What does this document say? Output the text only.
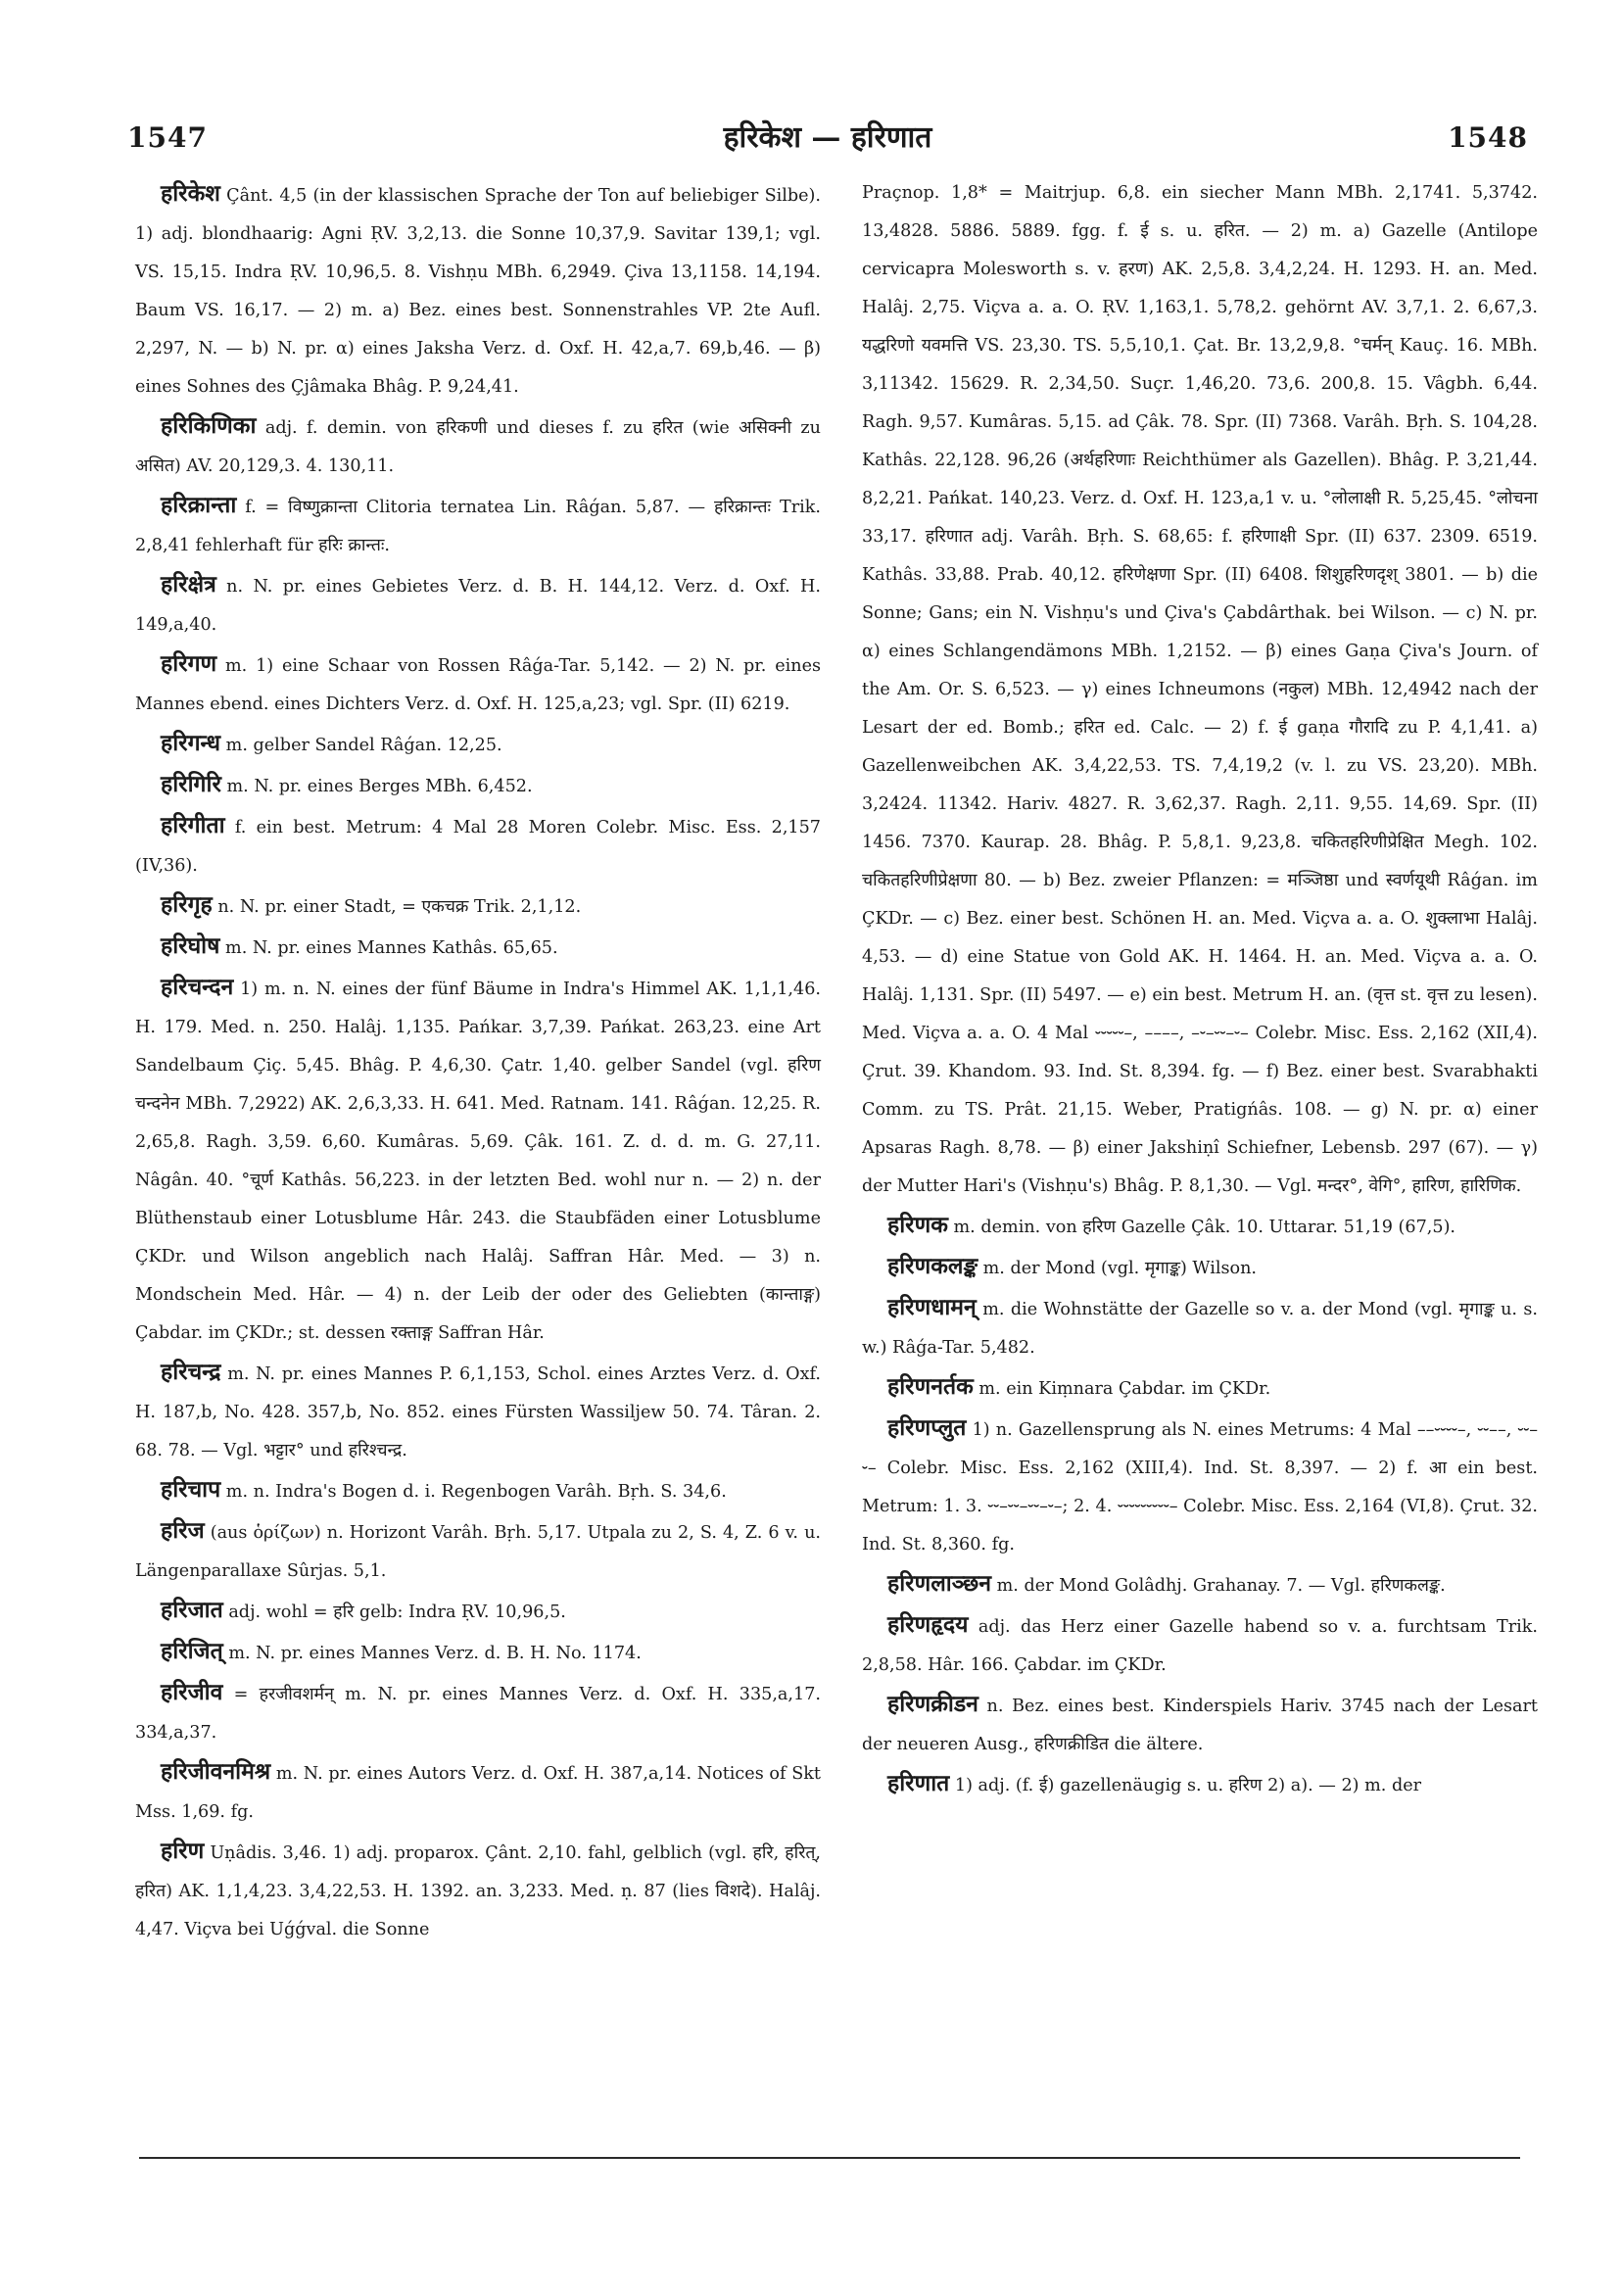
1547	हरिकेश — हरिणात	1548

हरिकेश Çânt. 4,5 (in der klassischen Sprache der Ton auf beliebiger Silbe). 1) adj. blondhaarig: Agni ṚV. 3,2,13. die Sonne 10,37,9. Savitar 139,1; vgl. VS. 15,15. Indra ṚV. 10,96,5. 8. Vishṇu MBh. 6,2949. Çiva 13,1158. 14,194. Baum VS. 16,17. — 2) m. a) Bez. eines best. Sonnenstrahles VP. 2te Aufl. 2,297, N. — b) N. pr. α) eines Jaksha Verz. d. Oxf. H. 42,a,7. 69,b,46. — β) eines Sohnes des Çjâmaka Bhâg. P. 9,24,41.

हरिकिणिका adj. f. demin. von हरिकणी und dieses f. zu हरित (wie असिक्नी zu असित) AV. 20,129,3. 4. 130,11.

हरिक्रान्ता f. = विष्णुक्रान्ता Clitoria ternatea Lin. Râǵan. 5,87. — हरिक्रान्तः Trik. 2,8,41 fehlerhaft für हरिः क्रान्तः.

हरिक्षेत्र n. N. pr. eines Gebietes Verz. d. B. H. 144,12. Verz. d. Oxf. H. 149,a,40.

हरिगण m. 1) eine Schaar von Rossen Râǵa-Tar. 5,142. — 2) N. pr. eines Mannes ebend. eines Dichters Verz. d. Oxf. H. 125,a,23; vgl. Spr. (II) 6219.

हरिगन्ध m. gelber Sandel Râǵan. 12,25.

हरिगिरि m. N. pr. eines Berges MBh. 6,452.

हरिगीता f. ein best. Metrum: 4 Mal 28 Moren Colebr. Misc. Ess. 2,157 (IV,36).

हरिगृह n. N. pr. einer Stadt, = एकचक्र Trik. 2,1,12.

हरिघोष m. N. pr. eines Mannes Kathâs. 65,65.

हरिचन्दन 1) m. n. N. eines der fünf Bäume in Indra's Himmel AK. 1,1,1,46. H. 179. Med. n. 250. Halâj. 1,135. Pańkar. 3,7,39. Pańkat. 263,23. eine Art Sandelbaum Çiç. 5,45. Bhâg. P. 4,6,30. Çatr. 1,40. gelber Sandel (vgl. हरिण चन्दनेन MBh. 7,2922) AK. 2,6,3,33. H. 641. Med. Ratnam. 141. Râǵan. 12,25. R. 2,65,8. Ragh. 3,59. 6,60. Kumâras. 5,69. Çâk. 161. Z. d. d. m. G. 27,11. Nâgân. 40. °चूर्ण Kathâs. 56,223. in der letzten Bed. wohl nur n. — 2) n. der Blüthenstaub einer Lotusblume Hâr. 243. die Staubfäden einer Lotusblume ÇKDr. und Wilson angeblich nach Halâj. Saffran Hâr. Med. — 3) n. Mondschein Med. Hâr. — 4) n. der Leib der oder des Geliebten (कान्ताङ्ग) Çabdar. im ÇKDr.; st. dessen रक्ताङ्ग Saffran Hâr.

हरिचन्द्र m. N. pr. eines Mannes P. 6,1,153, Schol. eines Arztes Verz. d. Oxf. H. 187,b, No. 428. 357,b, No. 852. eines Fürsten Wassiljew 50. 74. Târan. 2. 68. 78. — Vgl. भट्टार° und हरिश्चन्द्र.

हरिचाप m. n. Indra's Bogen d. i. Regenbogen Varâh. Bṛh. S. 34,6.

हरिज (aus ὁρίζων) n. Horizont Varâh. Bṛh. 5,17. Utpala zu 2, S. 4, Z. 6 v. u. Längenparallaxe Sûrjas. 5,1.

हरिजात adj. wohl = हरि gelb: Indra ṚV. 10,96,5.

हरिजित् m. N. pr. eines Mannes Verz. d. B. H. No. 1174.

हरिजीव = हरजीवशर्मन् m. N. pr. eines Mannes Verz. d. Oxf. H. 335,a,17. 334,a,37.

हरिजीवनमिश्र m. N. pr. eines Autors Verz. d. Oxf. H. 387,a,14. Notices of Skt Mss. 1,69. fg.

हरिण Uṇâdis. 3,46. 1) adj. proparox. Çânt. 2,10. fahl, gelblich (vgl. हरि, हरित्, हरित) AK. 1,1,4,23. 3,4,22,53. H. 1392. an. 3,233. Med. ṇ. 87 (lies विशदे). Halâj. 4,47. Viçva bei Uǵǵval. die Sonne

Praçnop. 1,8* = Maitrjup. 6,8. ein siecher Mann MBh. 2,1741. 5,3742. 13,4828. 5886. 5889. fgg. f. ई s. u. हरित. — 2) m. a) Gazelle (Antilope cervicapra Molesworth s. v. हरण) AK. 2,5,8. 3,4,2,24. H. 1293. H. an. Med. Halâj. 2,75. Viçva a. a. O. ṚV. 1,163,1. 5,78,2. gehörnt AV. 3,7,1. 2. 6,67,3. यद्धरिणो यवमत्ति VS. 23,30. TS. 5,5,10,1. Çat. Br. 13,2,9,8. °चर्मन् Kauç. 16. MBh. 3,11342. 15629. R. 2,34,50. Suçr. 1,46,20. 73,6. 200,8. 15. Vâgbh. 6,44. Ragh. 9,57. Kumâras. 5,15. ad Çâk. 78. Spr. (II) 7368. Varâh. Bṛh. S. 104,28. Kathâs. 22,128. 96,26 (अर्थहरिणाः Reichthümer als Gazellen). Bhâg. P. 3,21,44. 8,2,21. Pańkat. 140,23. Verz. d. Oxf. H. 123,a,1 v. u. °लोलाक्षी R. 5,25,45. °लोचना 33,17. हरिणात adj. Varâh. Bṛh. S. 68,65: f. हरिणाक्षी Spr. (II) 637. 2309. 6519. Kathâs. 33,88. Prab. 40,12. हरिणेक्षणा Spr. (II) 6408. शिशुहरिणदृश् 3801. — b) die Sonne; Gans; ein N. Vishṇu's und Çiva's Çabdârthak. bei Wilson. — c) N. pr. α) eines Schlangendämons MBh. 1,2152. — β) eines Gaṇa Çiva's Journ. of the Am. Or. S. 6,523. — γ) eines Ichneumons (नकुल) MBh. 12,4942 nach der Lesart der ed. Bomb.; हरित ed. Calc. — 2) f. ई gaṇa गौरादि zu P. 4,1,41. a) Gazellenweibchen AK. 3,4,22,53. TS. 7,4,19,2 (v. l. zu VS. 23,20). MBh. 3,2424. 11342. Hariv. 4827. R. 3,62,37. Ragh. 2,11. 9,55. 14,69. Spr. (II) 1456. 7370. Kaurap. 28. Bhâg. P. 5,8,1. 9,23,8. चकितहरिणीप्रेक्षित Megh. 102. चकितहरिणीप्रेक्षणा 80. — b) Bez. zweier Pflanzen: = मञ्जिष्ठा und स्वर्णयूथी Râǵan. im ÇKDr. — c) Bez. einer best. Schönen H. an. Med. Viçva a. a. O. शुक्लाभा Halâj. 4,53. — d) eine Statue von Gold AK. H. 1464. H. an. Med. Viçva a. a. O. Halâj. 1,131. Spr. (II) 5497. — e) ein best. Metrum H. an. (वृत्त st. वृत्त zu lesen). Med. Viçva a. a. O. 4 Mal ⏑⏑⏑⏑⏑–, ––––, –⏑–⏑⏑–⏑– Colebr. Misc. Ess. 2,162 (XII,4). Çrut. 39. Khandom. 93. Ind. St. 8,394. fg. — f) Bez. einer best. Svarabhakti Comm. zu TS. Prât. 21,15. Weber, Pratigńâs. 108. — g) N. pr. α) einer Apsaras Ragh. 8,78. — β) einer Jakshiṇî Schiefner, Lebensb. 297 (67). — γ) der Mutter Hari's (Vishṇu's) Bhâg. P. 8,1,30. — Vgl. मन्दर°, वेगि°, हारिण, हारिणिक.

हरिणक m. demin. von हरिण Gazelle Çâk. 10. Uttarar. 51,19 (67,5).

हरिणकलङ्क m. der Mond (vgl. मृगाङ्क) Wilson.

हरिणधामन् m. die Wohnstätte der Gazelle so v. a. der Mond (vgl. मृगाङ्क u. s. w.) Râǵa-Tar. 5,482.

हरिणनर्तक m. ein Kiṃnara Çabdar. im ÇKDr.

हरिणप्लुत 1) n. Gazellensprung als N. eines Metrums: 4 Mal ––⏑⏑⏑⏑–, ⏑⏑––, ⏑⏑–⏑– Colebr. Misc. Ess. 2,162 (XIII,4). Ind. St. 8,397. — 2) f. आ ein best. Metrum: 1. 3. ⏑⏑–⏑⏑–⏑⏑–⏑–; 2. 4. ⏑⏑⏑⏑⏑⏑⏑⏑⏑– Colebr. Misc. Ess. 2,164 (VI,8). Çrut. 32. Ind. St. 8,360. fg.

हरिणलाञ्छन m. der Mond Golâdhj. Grahanay. 7. — Vgl. हरिणकलङ्क.

हरिणहृदय adj. das Herz einer Gazelle habend so v. a. furchtsam Trik. 2,8,58. Hâr. 166. Çabdar. im ÇKDr.

हरिणक्रीडन n. Bez. eines best. Kinderspiels Hariv. 3745 nach der Lesart der neueren Ausg., हरिणक्रीडित die ältere.

हरिणात 1) adj. (f. ई) gazellenäugig s. u. हरिण 2) a). — 2) m. der
